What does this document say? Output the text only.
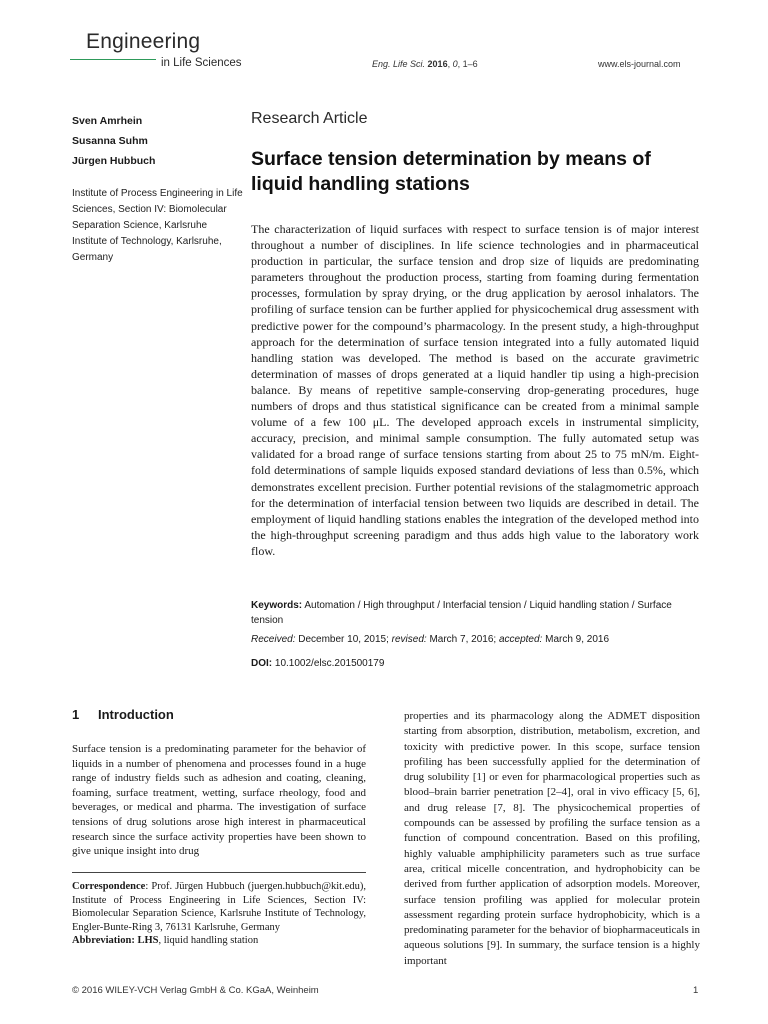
Engineering
in Life Sciences	Eng. Life Sci. 2016, 0, 1–6	www.els-journal.com
Sven Amrhein
Susanna Suhm
Jürgen Hubbuch
Institute of Process Engineering in Life Sciences, Section IV: Biomolecular Separation Science, Karlsruhe Institute of Technology, Karlsruhe, Germany
Research Article
Surface tension determination by means of liquid handling stations
The characterization of liquid surfaces with respect to surface tension is of major interest throughout a number of disciplines. In life science technologies and in pharmaceutical production in particular, the surface tension and drop size of liquids are predominating parameters throughout the production process, starting from foaming during fermentation processes, formulation by spray drying, or the drug application by aerosol inhalators. The profiling of surface tension can be further applied for physicochemical drug assessment with predictive power for the compound’s pharmacology. In the present study, a high-throughput approach for the determination of surface tension integrated into a fully automated liquid handling station was developed. The method is based on the accurate gravimetric determination of masses of drops generated at a liquid handler tip using a high-precision balance. By means of repetitive sample-conserving drop-generating procedures, huge numbers of drops and thus statistical significance can be created from a minimal sample volume of a few 100 μL. The developed approach excels in instrumental simplicity, accuracy, precision, and minimal sample consumption. The fully automated setup was validated for a broad range of surface tensions starting from about 25 to 75 mN/m. Eight-fold determinations of sample liquids exposed standard deviations of less than 0.5%, which demonstrates excellent precision. Further potential revisions of the stalagmometric approach for the determination of interfacial tension between two liquids are described in detail. The employment of liquid handling stations enables the integration of the developed method into the high-throughput screening paradigm and thus adds high value to the laboratory work flow.
Keywords: Automation / High throughput / Interfacial tension / Liquid handling station / Surface tension
Received: December 10, 2015; revised: March 7, 2016; accepted: March 9, 2016
DOI: 10.1002/elsc.201500179
1 Introduction
Surface tension is a predominating parameter for the behavior of liquids in a number of phenomena and processes found in a huge range of industry fields such as adhesion and coating, cleaning, foaming, surface treatment, wetting, surface rheology, food and beverages, or medical and pharma. The investigation of surface tensions of drug solutions arose high interest in pharmaceutical research since the surface activity properties have been shown to give unique insight into drug
Correspondence: Prof. Jürgen Hubbuch (juergen.hubbuch@kit.edu), Institute of Process Engineering in Life Sciences, Section IV: Biomolecular Separation Science, Karlsruhe Institute of Technology, Engler-Bunte-Ring 3, 76131 Karlsruhe, Germany
Abbreviation: LHS, liquid handling station
properties and its pharmacology along the ADMET disposition starting from absorption, distribution, metabolism, excretion, and toxicity with predictive power. In this scope, surface tension profiling has been successfully applied for the determination of drug solubility [1] or even for pharmacological properties such as blood–brain barrier penetration [2–4], oral in vivo efficacy [5, 6], and drug release [7, 8]. The physicochemical properties of compounds can be assessed by profiling the surface tension as a function of compound concentration. Based on this profiling, highly valuable amphiphilicity parameters such as true surface area, critical micelle concentration, and hydrophobicity can be derived from further application of adsorption models. Moreover, surface tension profiling was applied for molecular protein assessment regarding protein surface hydrophobicity, which is a predominating parameter for the behavior of biopharmaceuticals in aqueous solutions [9]. In summary, the surface tension is a highly important
© 2016 WILEY-VCH Verlag GmbH & Co. KGaA, Weinheim	1
